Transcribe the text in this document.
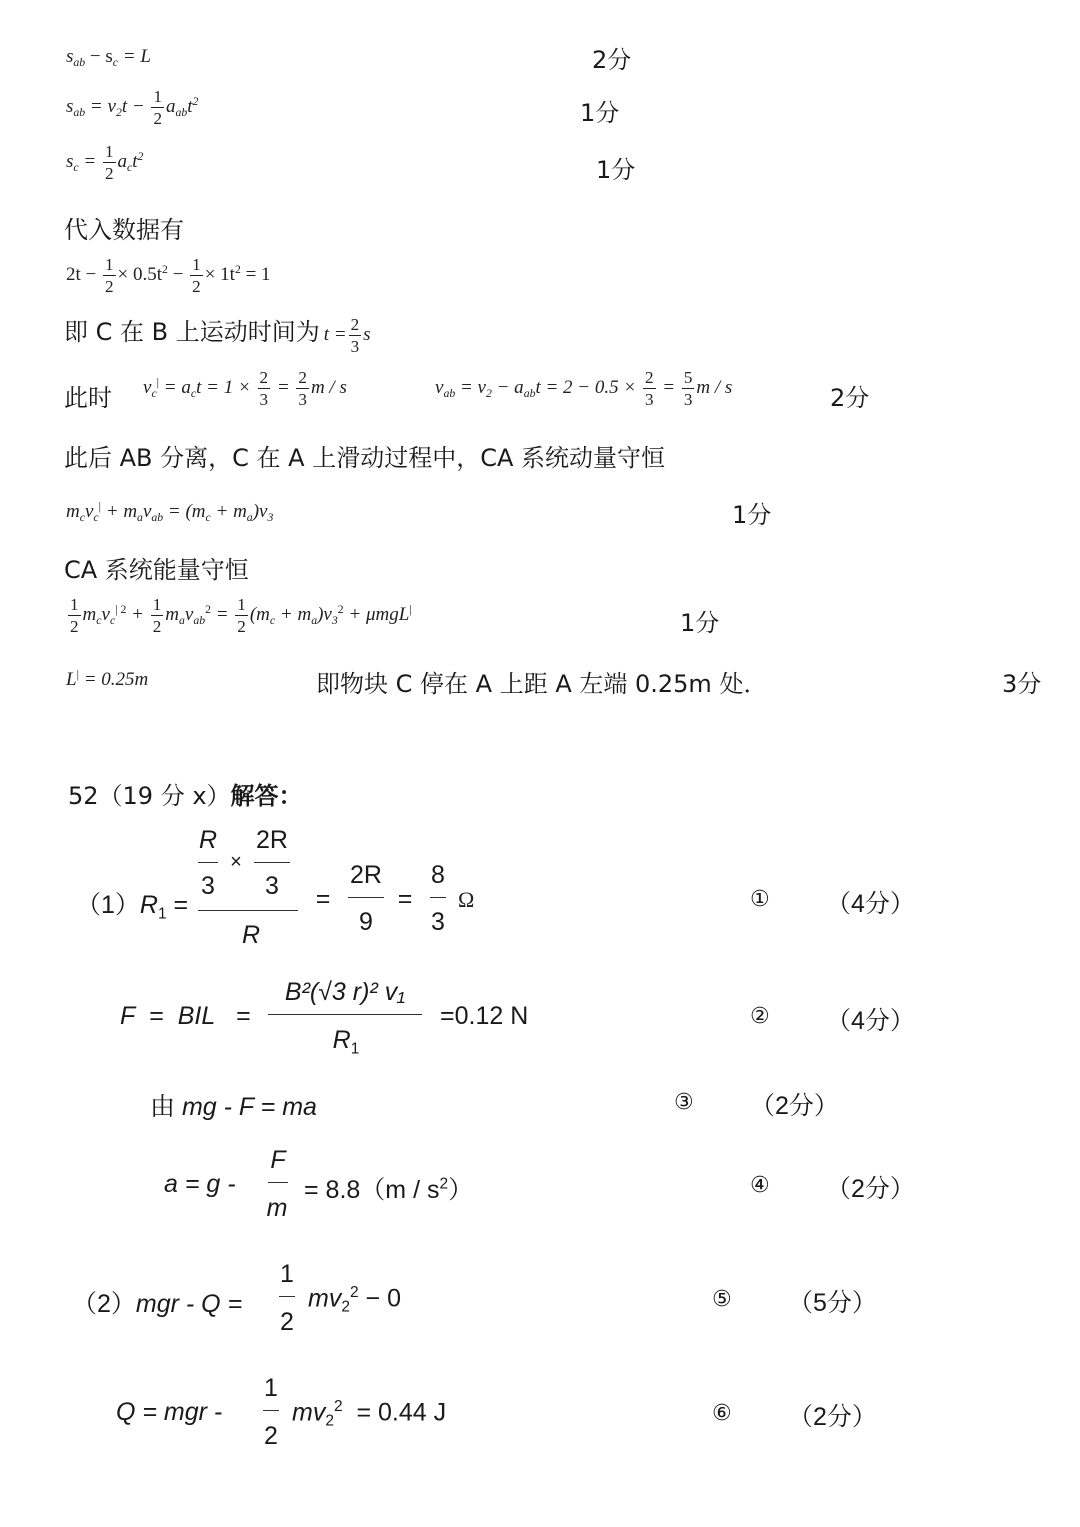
$s_{ab} - s_c = L$	2分
$s_{ab} = v_2t - \frac{1}{2} a_{ab}t^2$	1分
$s_c = \frac{1}{2} a_ct^2$	1分
代入数据有
$2t - \frac{1}{2} \times 0.5t^2 - \frac{1}{2} \times 1t^2 = 1$
即 C 在 B 上运动时间为 $t = \frac{2}{3}$ s
此时 $v_c^| = a_ct = 1 \times \frac{2}{3} = \frac{2}{3}$ m / s	$v_{ab} = v_2 - a_{ab}t = 2 - 0.5 \times \frac{2}{3} = \frac{5}{3}$ m / s	2分
此后 AB 分离，C 在 A 上滑动过程中，CA 系统动量守恒
$m_cv_c^| + m_av_{ab} = (m_c + m_a)v_3$	1分
CA 系统能量守恒
$\frac{1}{2} m_cv_c^{| 2} + \frac{1}{2} m_av_{ab}^2 = \frac{1}{2} (m_c + m_a)v_3^2 + \mu mgL^|$	1分
L| = 0.25m	即物块 C 停在 A 上距 A 左端 0.25m 处．	3分
52（19 分 x）解答：
$(1)R_1$ =
R
3
×
2R
3
R
=
2R
9
=
8
3
Ω	① （4分）
F = BIL =
B²(√3 r)² v₁
$R_1$
=0.12 N	② （4分）
由 mg - F = ma	③ （2分）
a = g -
F
m
= $8.8(m / s^2)$	④ （2分）
（2）mgr - Q =
1
2
$mv_2^2 - 0$	⑤ （5分）
Q = mgr -
1
2
$mv_2^2 = 0.44$ J	⑥ （2分）
